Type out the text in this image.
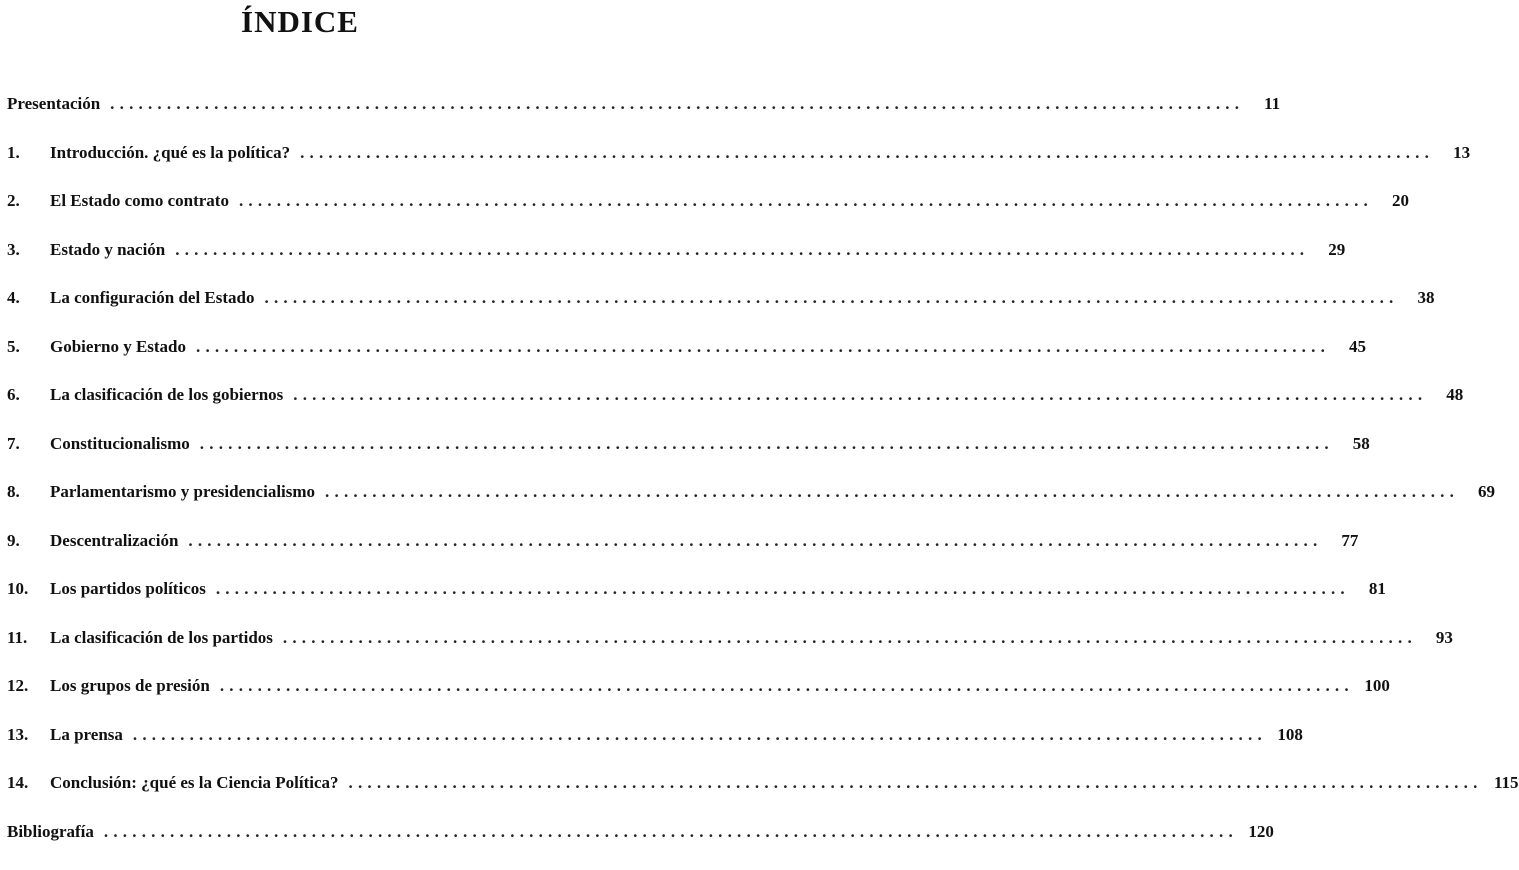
ÍNDICE
Presentación ........................................................................................................................	11
1.	Introducción. ¿qué es la política? ........................................................................................................................	13
2.	El Estado como contrato ........................................................................................................................	20
3.	Estado y nación ........................................................................................................................	29
4.	La configuración del Estado ........................................................................................................................	38
5.	Gobierno y Estado ........................................................................................................................	45
6.	La clasificación de los gobiernos ........................................................................................................................	48
7.	Constitucionalismo ........................................................................................................................	58
8.	Parlamentarismo y presidencialismo ........................................................................................................................	69
9.	Descentralización ........................................................................................................................	77
10.	Los partidos políticos ........................................................................................................................	81
11.	La clasificación de los partidos ........................................................................................................................	93
12.	Los grupos de presión ........................................................................................................................ 100
13.	La prensa ........................................................................................................................ 108
14.	Conclusión: ¿qué es la Ciencia Política? ........................................................................................................................ 115
Bibliografía ........................................................................................................................ 120
